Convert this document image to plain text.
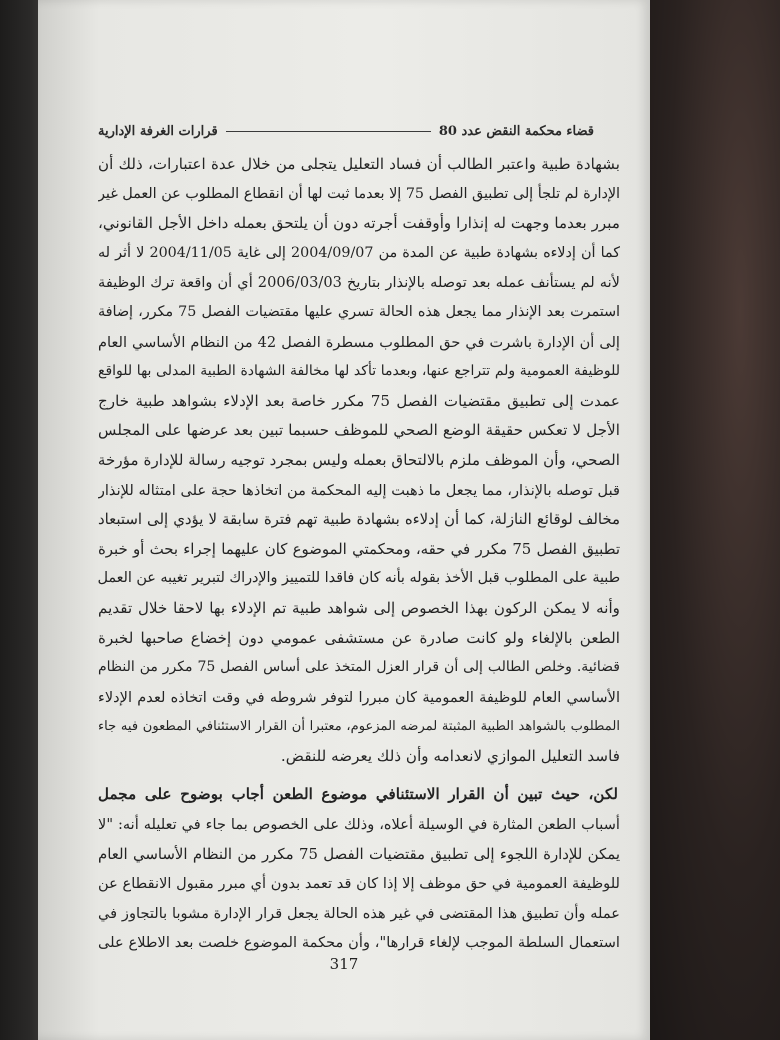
قضاء محكمة النقض عدد 80
قرارات الغرفة الإدارية

بشهادة طبية واعتبر الطالب أن فساد التعليل يتجلى من خلال عدة اعتبارات، ذلك أن

الإدارة لم تلجأ إلى تطبيق الفصل 75 إلا بعدما ثبت لها أن انقطاع المطلوب عن العمل غير

مبرر بعدما وجهت له إنذارا وأوقفت أجرته دون أن يلتحق بعمله داخل الأجل القانوني،

كما أن إدلاءه بشهادة طبية عن المدة من 2004/09/07 إلى غاية 2004/11/05 لا أثر له

لأنه لم يستأنف عمله بعد توصله بالإنذار بتاريخ 2006/03/03 أي أن واقعة ترك الوظيفة

استمرت بعد الإنذار مما يجعل هذه الحالة تسري عليها مقتضيات الفصل 75 مكرر، إضافة

إلى أن الإدارة باشرت في حق المطلوب مسطرة الفصل 42 من النظام الأساسي العام

للوظيفة العمومية ولم تتراجع عنها، وبعدما تأكد لها مخالفة الشهادة الطبية المدلى بها للواقع

عمدت إلى تطبيق مقتضيات الفصل 75 مكرر خاصة بعد الإدلاء بشواهد طبية خارج

الأجل لا تعكس حقيقة الوضع الصحي للموظف حسبما تبين بعد عرضها على المجلس

الصحي، وأن الموظف ملزم بالالتحاق بعمله وليس بمجرد توجيه رسالة للإدارة مؤرخة

قبل توصله بالإنذار، مما يجعل ما ذهبت إليه المحكمة من اتخاذها حجة على امتثاله للإنذار

مخالف لوقائع النازلة، كما أن إدلاءه بشهادة طبية تهم فترة سابقة لا يؤدي إلى استبعاد

تطبيق الفصل 75 مكرر في حقه، ومحكمتي الموضوع كان عليهما إجراء بحث أو خبرة

طبية على المطلوب قبل الأخذ بقوله بأنه كان فاقدا للتمييز والإدراك لتبرير تغيبه عن العمل

وأنه لا يمكن الركون بهذا الخصوص إلى شواهد طبية تم الإدلاء بها لاحقا خلال تقديم

الطعن بالإلغاء ولو كانت صادرة عن مستشفى عمومي دون إخضاع صاحبها لخبرة

قضائية. وخلص الطالب إلى أن قرار العزل المتخذ على أساس الفصل 75 مكرر من النظام

الأساسي العام للوظيفة العمومية كان مبررا لتوفر شروطه في وقت اتخاذه لعدم الإدلاء

المطلوب بالشواهد الطبية المثبتة لمرضه المزعوم، معتبرا أن القرار الاستئنافي المطعون فيه جاء

فاسد التعليل الموازي لانعدامه وأن ذلك يعرضه للنقض.

لكن، حيث تبين أن القرار الاستئنافي موضوع الطعن أجاب بوضوح على مجمل

أسباب الطعن المثارة في الوسيلة أعلاه، وذلك على الخصوص بما جاء في تعليله أنه: "لا

يمكن للإدارة اللجوء إلى تطبيق مقتضيات الفصل 75 مكرر من النظام الأساسي العام

للوظيفة العمومية في حق موظف إلا إذا كان قد تعمد بدون أي مبرر مقبول الانقطاع عن

عمله وأن تطبيق هذا المقتضى في غير هذه الحالة يجعل قرار الإدارة مشوبا بالتجاوز في

استعمال السلطة الموجب لإلغاء قرارها"، وأن محكمة الموضوع خلصت بعد الاطلاع على

317
